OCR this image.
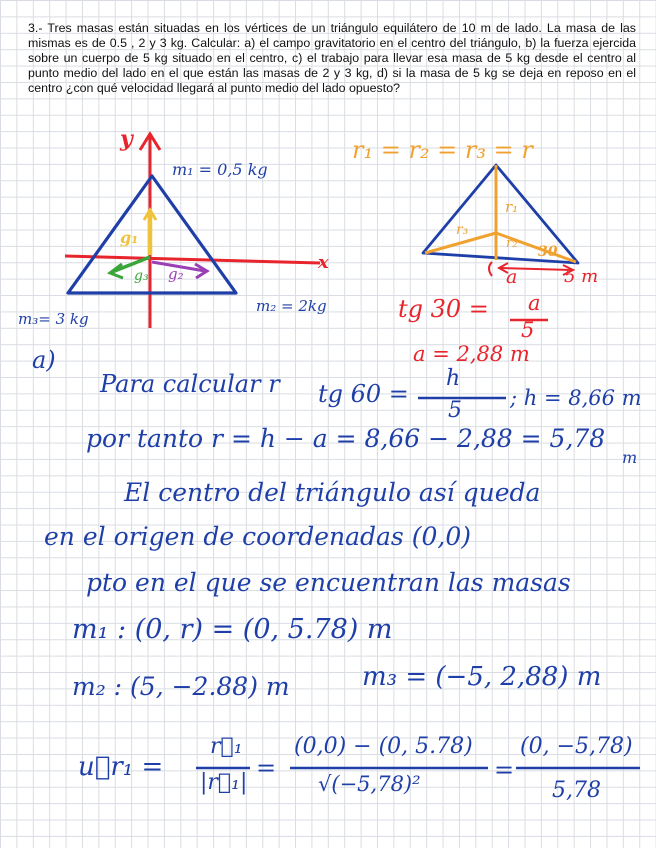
3.- Tres masas están situadas en los vértices de un triángulo equilátero de 10 m de lado. La masa de las mismas es de 0.5 , 2 y 3 kg. Calcular: a) el campo gravitatorio en el centro del triángulo, b) la fuerza ejercida sobre un cuerpo de 5 kg situado en el centro, c) el trabajo para llevar esa masa de 5 kg desde el centro al punto medio del lado en el que están las masas de 2 y 3 kg, d) si la masa de 5 kg se deja en reposo en el centro ¿con qué velocidad llegará al punto medio del lado opuesto?

y
x
m₁ = 0,5 kg
m₂ = 2kg
m₃= 3 kg
g₁
g₂
g₃
r₁ = r₂ = r₃ = r
r₁
r₃
r₂
30
a	5 m
tg 30 = a
5
a = 2,88 m
a)
Para calcular r tg 60 =
h
5 ; h = 8,66 m
por tanto r = h − a = 8,66 − 2,88 = 5,78
m
El centro del triángulo así queda
en el origen de coordenadas (0,0)
pto en el que se encuentran las masas
m₁ : (0, r) = (0, 5.78) m
m₂ : (5, −2.88) m	m₃ = (−5, 2,88) m
u⃗r₁ =
r⃗₁
|r⃗₁|
=
(0,0) − (0, 5.78)
√(−5,78)²	=
(0, −5,78)
5,78
